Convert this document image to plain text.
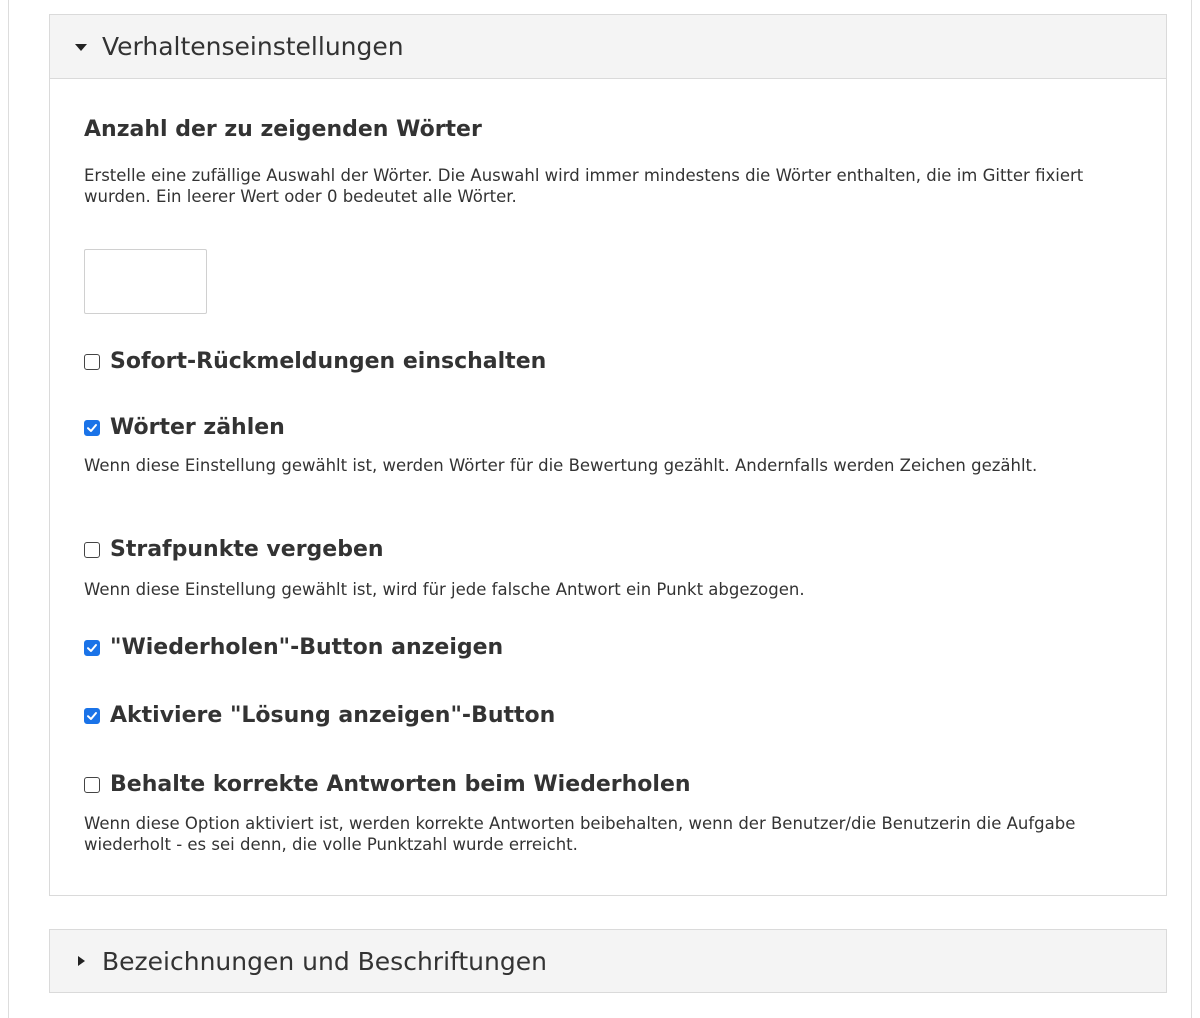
Verhaltenseinstellungen
Anzahl der zu zeigenden Wörter
Erstelle eine zufällige Auswahl der Wörter. Die Auswahl wird immer mindestens die Wörter enthalten, die im Gitter fixiert wurden. Ein leerer Wert oder 0 bedeutet alle Wörter.
Sofort-Rückmeldungen einschalten
Wörter zählen
Wenn diese Einstellung gewählt ist, werden Wörter für die Bewertung gezählt. Andernfalls werden Zeichen gezählt.
Strafpunkte vergeben
Wenn diese Einstellung gewählt ist, wird für jede falsche Antwort ein Punkt abgezogen.
"Wiederholen"-Button anzeigen
Aktiviere "Lösung anzeigen"-Button
Behalte korrekte Antworten beim Wiederholen
Wenn diese Option aktiviert ist, werden korrekte Antworten beibehalten, wenn der Benutzer/die Benutzerin die Aufgabe wiederholt - es sei denn, die volle Punktzahl wurde erreicht.
Bezeichnungen und Beschriftungen
